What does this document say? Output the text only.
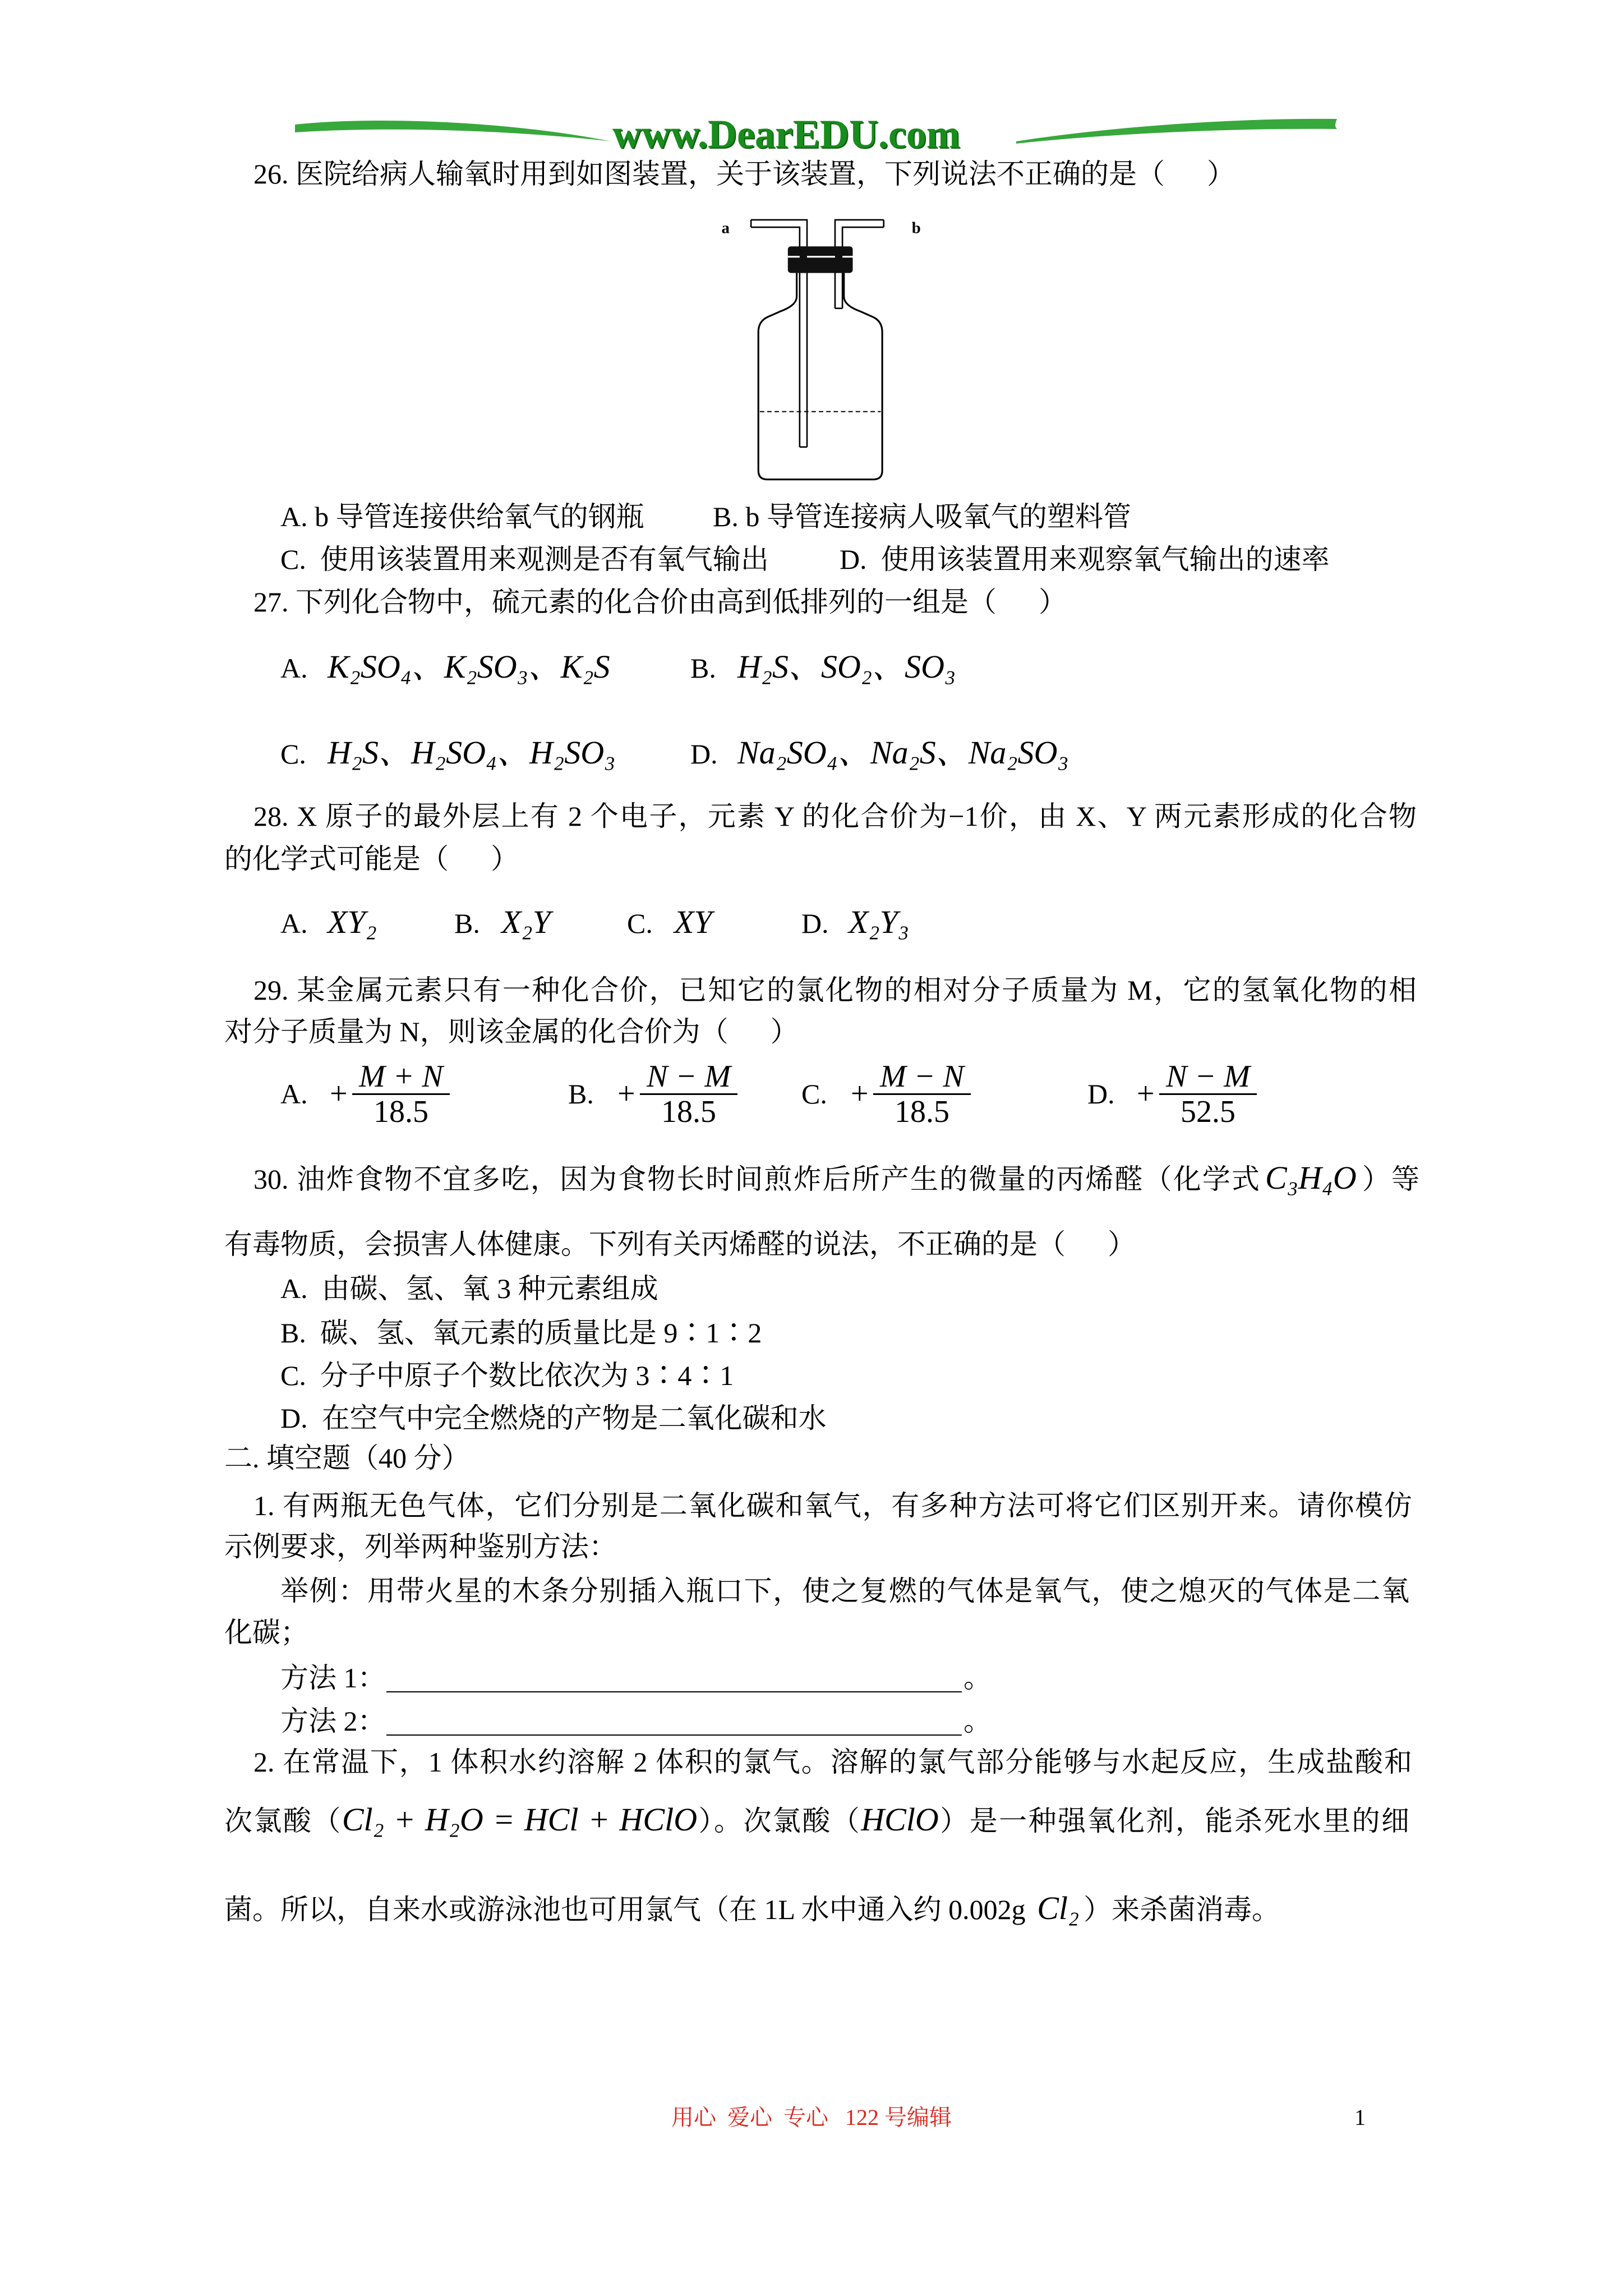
www.DearEDU.com
26. 医院给病人输氧时用到如图装置，关于该装置，下列说法不正确的是（      ）
a	b
A. b 导管连接供给氧气的钢瓶 B. b 导管连接病人吸氧气的塑料管
C.  使用该装置用来观测是否有氧气输出	D.  使用该装置用来观察氧气输出的速率
27. 下列化合物中，硫元素的化合价由高到低排列的一组是（      ）
A. K₂SO₄、K₂SO₃、K₂S	B. H₂S、SO₂、SO₃
C. H₂S、H₂SO₄、H₂SO₃	D. Na₂SO₄、Na₂S、Na₂SO₃
28. X 原子的最外层上有 2 个电子，元素 Y 的化合价为−1价，由 X、Y 两元素形成的化合物
的化学式可能是（      ）
A. XY₂	B. X₂Y	C. XY	D. X₂Y₃
29. 某金属元素只有一种化合价，已知它的氯化物的相对分子质量为 M，它的氢氧化物的相
对分子质量为 N，则该金属的化合价为（      ）
A. + $\frac{M + N}{18.5}$	B. + $\frac{N - M}{18.5} C$. + $\frac{M - N}{18.5}$	D. + $\frac{N - M}{52.5}$
30. 油炸食物不宜多吃，因为食物长时间煎炸后所产生的微量的丙烯醛（化学式 C₃H₄O ）等
有毒物质，会损害人体健康。下列有关丙烯醛的说法，不正确的是（      ）
A.  由碳、氢、氧 3 种元素组成
B.  碳、氢、氧元素的质量比是 9∶1∶2
C.  分子中原子个数比依次为 3∶4∶1
D.  在空气中完全燃烧的产物是二氧化碳和水
二. 填空题（40 分）
1. 有两瓶无色气体，它们分别是二氧化碳和氧气，有多种方法可将它们区别开来。请你模仿
示例要求，列举两种鉴别方法：
举例：用带火星的木条分别插入瓶口下，使之复燃的气体是氧气，使之熄灭的气体是二氧
化碳；
方法 1：	。
方法 2：	。
2. 在常温下，1 体积水约溶解 2 体积的氯气。溶解的氯气部分能够与水起反应，生成盐酸和
次氯酸（Cl₂ + H₂O = HCl + HClO）。次氯酸（HClO）是一种强氧化剂，能杀死水里的细
菌。所以，自来水或游泳池也可用氯气（在 1L 水中通入约 0.002g Cl₂ ）来杀菌消毒。
用心  爱心  专心   122 号编辑	1
